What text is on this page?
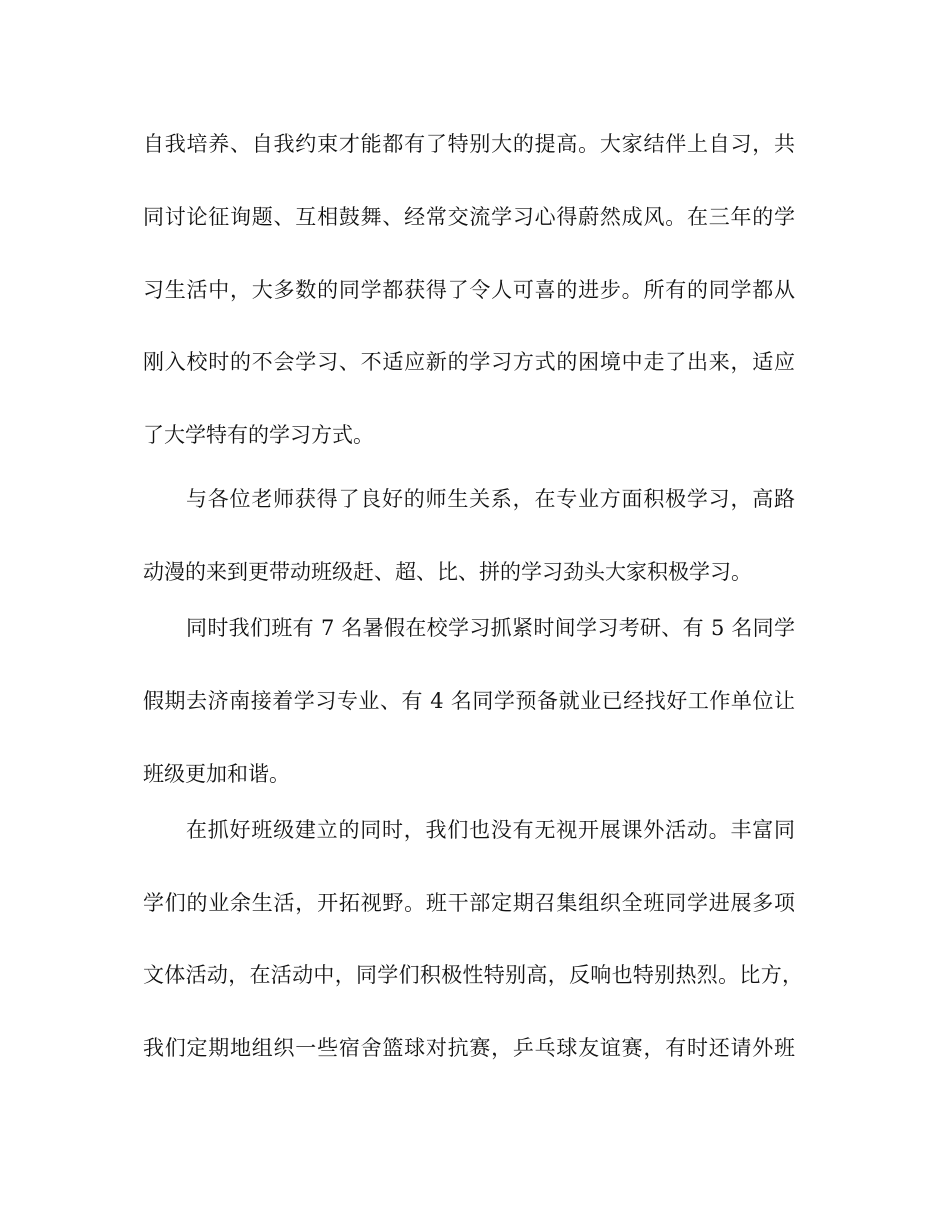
自我培养、自我约束才能都有了特别大的提高。大家结伴上自习，共
同讨论征询题、互相鼓舞、经常交流学习心得蔚然成风。在三年的学
习生活中，大多数的同学都获得了令人可喜的进步。所有的同学都从
刚入校时的不会学习、不适应新的学习方式的困境中走了出来，适应
了大学特有的学习方式。
与各位老师获得了良好的师生关系，在专业方面积极学习，高路
动漫的来到更带动班级赶、超、比、拼的学习劲头大家积极学习。
同时我们班有 7 名暑假在校学习抓紧时间学习考研、有 5 名同学
假期去济南接着学习专业、有 4 名同学预备就业已经找好工作单位让
班级更加和谐。
在抓好班级建立的同时，我们也没有无视开展课外活动。丰富同
学们的业余生活，开拓视野。班干部定期召集组织全班同学进展多项
文体活动，在活动中，同学们积极性特别高，反响也特别热烈。比方，
我们定期地组织一些宿舍篮球对抗赛，乒乓球友谊赛，有时还请外班
